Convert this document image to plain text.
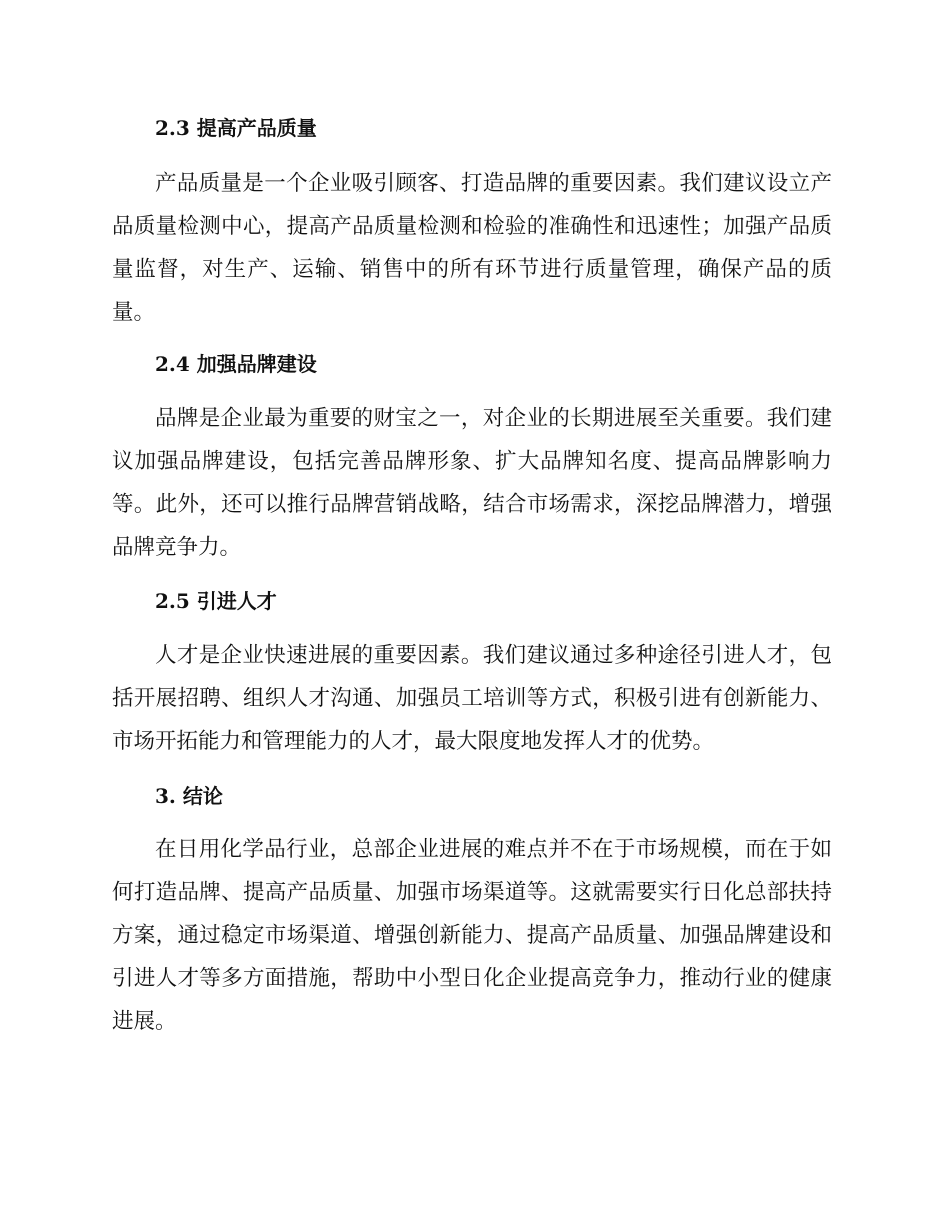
2.3 提高产品质量

产品质量是一个企业吸引顾客、打造品牌的重要因素。我们建议设立产品质量检测中心，提高产品质量检测和检验的准确性和迅速性；加强产品质量监督，对生产、运输、销售中的所有环节进行质量管理，确保产品的质量。

2.4 加强品牌建设

品牌是企业最为重要的财宝之一，对企业的长期进展至关重要。我们建议加强品牌建设，包括完善品牌形象、扩大品牌知名度、提高品牌影响力等。此外，还可以推行品牌营销战略，结合市场需求，深挖品牌潜力，增强品牌竞争力。

2.5 引进人才

人才是企业快速进展的重要因素。我们建议通过多种途径引进人才，包括开展招聘、组织人才沟通、加强员工培训等方式，积极引进有创新能力、市场开拓能力和管理能力的人才，最大限度地发挥人才的优势。

3. 结论

在日用化学品行业，总部企业进展的难点并不在于市场规模，而在于如何打造品牌、提高产品质量、加强市场渠道等。这就需要实行日化总部扶持方案，通过稳定市场渠道、增强创新能力、提高产品质量、加强品牌建设和引进人才等多方面措施，帮助中小型日化企业提高竞争力，推动行业的健康进展。
